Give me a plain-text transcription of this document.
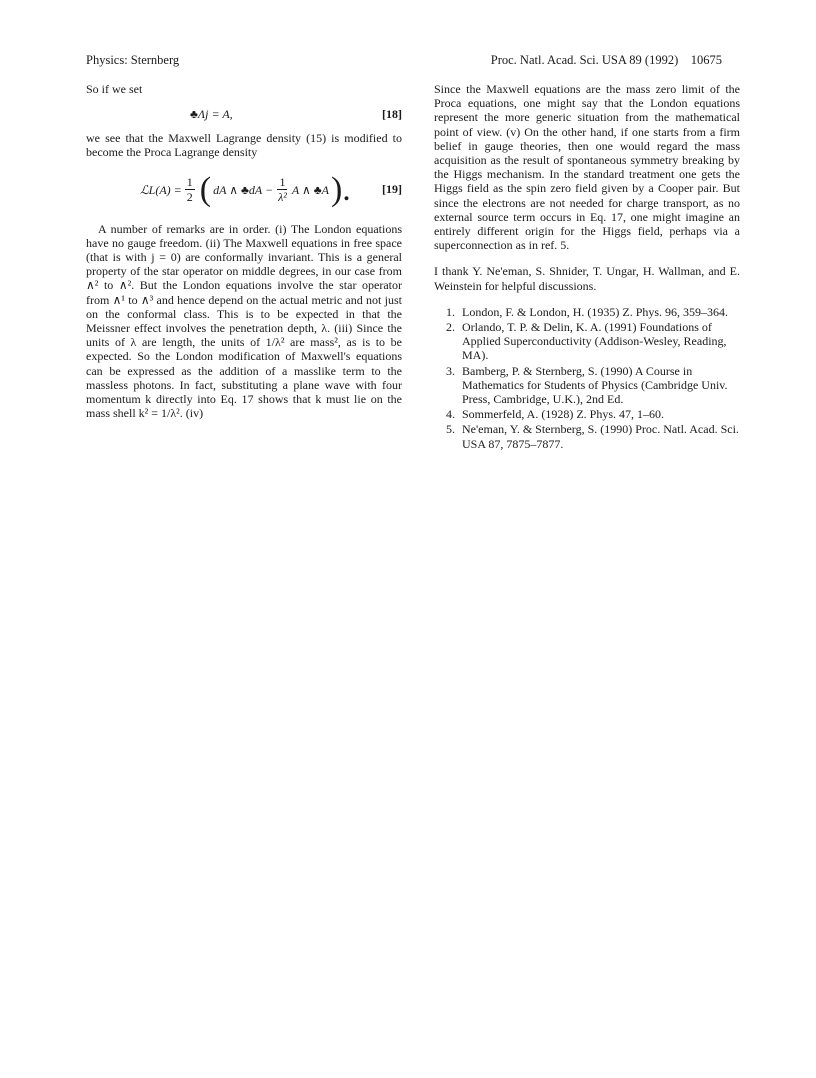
Physics: Sternberg	Proc. Natl. Acad. Sci. USA 89 (1992) 10675

So if we set

♣Λj = A,	[18]

we see that the Maxwell Lagrange density (15) is modified to become the Proca Lagrange density

ℒL(A) = $\frac{1}{2}$ ( dA ∧ ♣dA − $\frac{1}{\text{λ²}}$ A ∧ ♣A ).	[19]

A number of remarks are in order. (i) The London equations have no gauge freedom. (ii) The Maxwell equations in free space (that is with j = 0) are conformally invariant. This is a general property of the star operator on middle degrees, in our case from ∧² to ∧². But the London equations involve the star operator from ∧¹ to ∧³ and hence depend on the actual metric and not just on the conformal class. This is to be expected in that the Meissner effect involves the penetration depth, λ. (iii) Since the units of λ are length, the units of 1/λ² are mass², as is to be expected. So the London modification of Maxwell's equations can be expressed as the addition of a masslike term to the massless photons. In fact, substituting a plane wave with four momentum k directly into Eq. 17 shows that k must lie on the mass shell k² = 1/λ². (iv)

Since the Maxwell equations are the mass zero limit of the Proca equations, one might say that the London equations represent the more generic situation from the mathematical point of view. (v) On the other hand, if one starts from a firm belief in gauge theories, then one would regard the mass acquisition as the result of spontaneous symmetry breaking by the Higgs mechanism. In the standard treatment one gets the Higgs field as the spin zero field given by a Cooper pair. But since the electrons are not needed for charge transport, as no external source term occurs in Eq. 17, one might imagine an entirely different origin for the Higgs field, perhaps via a superconnection as in ref. 5.

I thank Y. Ne'eman, S. Shnider, T. Ungar, H. Wallman, and E. Weinstein for helpful discussions.

1. London, F. & London, H. (1935) Z. Phys. 96, 359–364.
2. Orlando, T. P. & Delin, K. A. (1991) Foundations of Applied Superconductivity (Addison-Wesley, Reading, MA).
3. Bamberg, P. & Sternberg, S. (1990) A Course in Mathematics for Students of Physics (Cambridge Univ. Press, Cambridge, U.K.), 2nd Ed.
4. Sommerfeld, A. (1928) Z. Phys. 47, 1–60.
5. Ne'eman, Y. & Sternberg, S. (1990) Proc. Natl. Acad. Sci. USA 87, 7875–7877.
